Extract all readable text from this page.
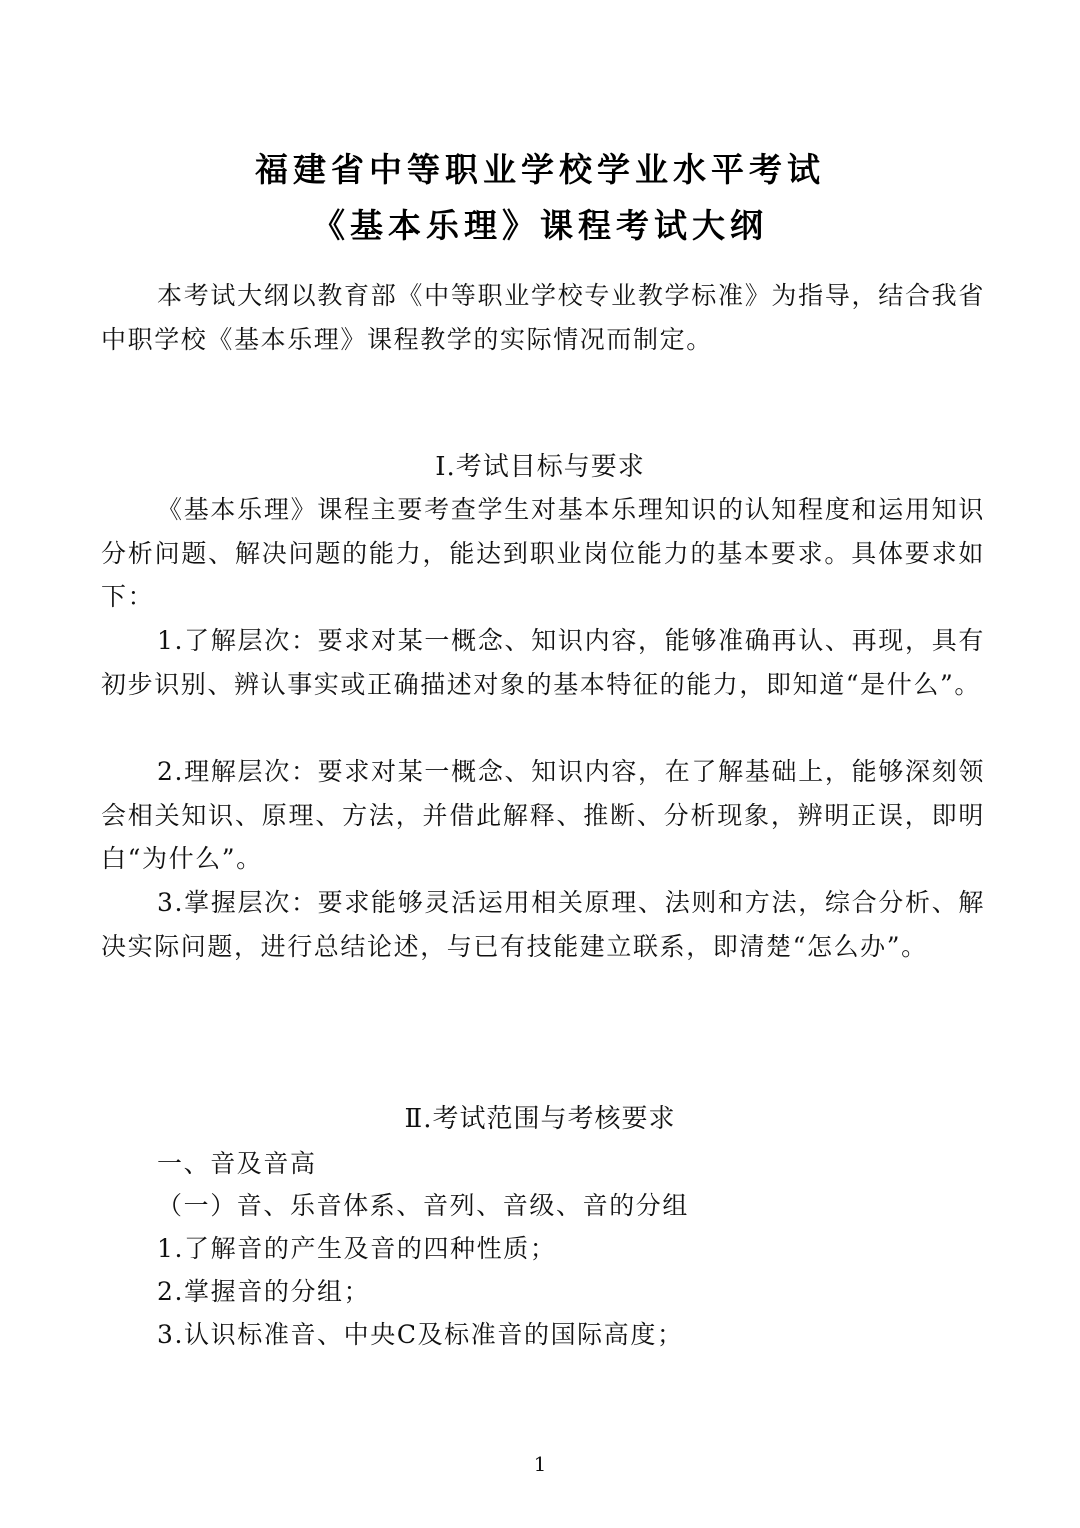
福建省中等职业学校学业水平考试
《基本乐理》课程考试大纲

本考试大纲以教育部《中等职业学校专业教学标准》为指导，结合我省中职学校《基本乐理》课程教学的实际情况而制定。

Ⅰ.考试目标与要求

《基本乐理》课程主要考查学生对基本乐理知识的认知程度和运用知识分析问题、解决问题的能力，能达到职业岗位能力的基本要求。具体要求如下：

1.了解层次：要求对某一概念、知识内容，能够准确再认、再现，具有初步识别、辨认事实或正确描述对象的基本特征的能力，即知道“是什么”。

2.理解层次：要求对某一概念、知识内容，在了解基础上，能够深刻领会相关知识、原理、方法，并借此解释、推断、分析现象，辨明正误，即明白“为什么”。

3.掌握层次：要求能够灵活运用相关原理、法则和方法，综合分析、解决实际问题，进行总结论述，与已有技能建立联系，即清楚“怎么办”。

Ⅱ.考试范围与考核要求

一、音及音高

（一）音、乐音体系、音列、音级、音的分组

1.了解音的产生及音的四种性质；

2.掌握音的分组；

3.认识标准音、中央C及标准音的国际高度；

1
